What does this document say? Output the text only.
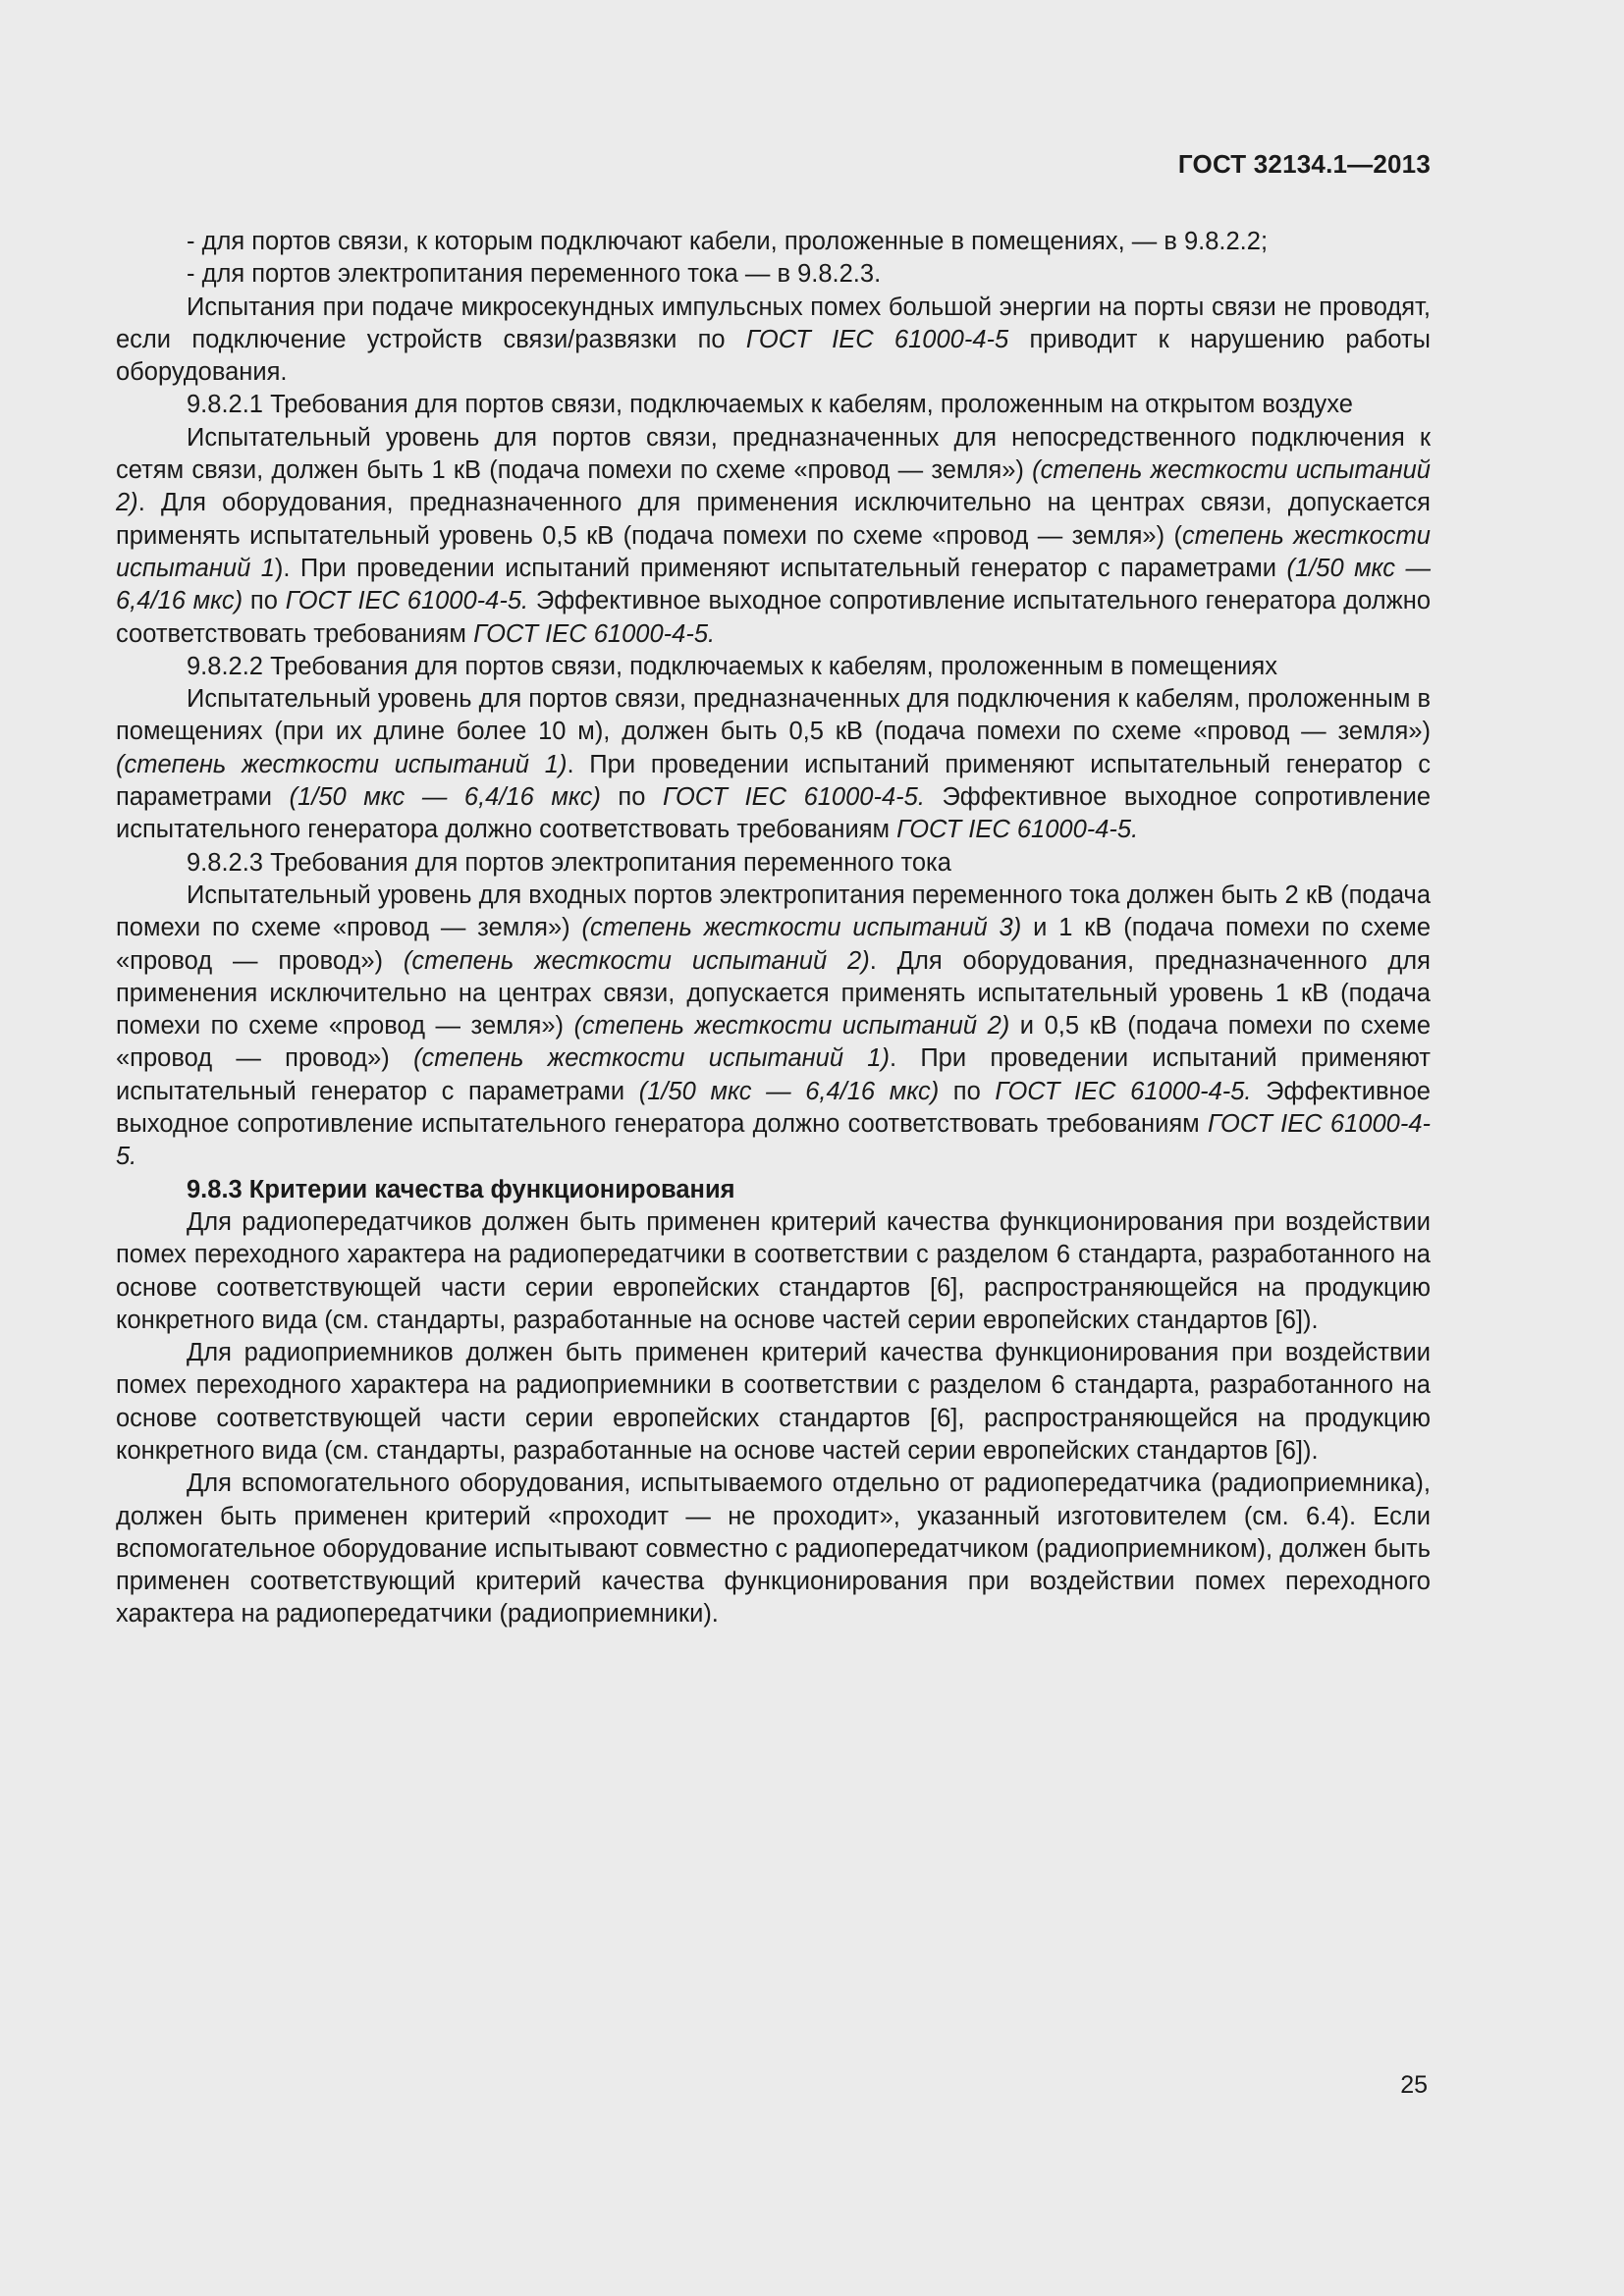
ГОСТ 32134.1—2013

- для портов связи, к которым подключают кабели, проложенные в помещениях, — в 9.8.2.2;

- для портов электропитания переменного тока — в 9.8.2.3.

Испытания при подаче микросекундных импульсных помех большой энергии на порты связи не проводят, если подключение устройств связи/развязки по ГОСТ IEC 61000-4-5 приводит к нарушению работы оборудования.

9.8.2.1 Требования для портов связи, подключаемых к кабелям, проложенным на открытом воздухе

Испытательный уровень для портов связи, предназначенных для непосредственного подключения к сетям связи, должен быть 1 кВ (подача помехи по схеме «провод — земля») (степень жесткости испытаний 2). Для оборудования, предназначенного для применения исключительно на центрах связи, допускается применять испытательный уровень 0,5 кВ (подача помехи по схеме «провод — земля») (степень жесткости испытаний 1). При проведении испытаний применяют испытательный генератор с параметрами (1/50 мкс — 6,4/16 мкс) по ГОСТ IEC 61000-4-5. Эффективное выходное сопротивление испытательного генератора должно соответствовать требованиям ГОСТ IEC 61000-4-5.

9.8.2.2 Требования для портов связи, подключаемых к кабелям, проложенным в помещениях

Испытательный уровень для портов связи, предназначенных для подключения к кабелям, проложенным в помещениях (при их длине более 10 м), должен быть 0,5 кВ (подача помехи по схеме «провод — земля») (степень жесткости испытаний 1). При проведении испытаний применяют испытательный генератор с параметрами (1/50 мкс — 6,4/16 мкс) по ГОСТ IEC 61000-4-5. Эффективное выходное сопротивление испытательного генератора должно соответствовать требованиям ГОСТ IEC 61000-4-5.

9.8.2.3 Требования для портов электропитания переменного тока

Испытательный уровень для входных портов электропитания переменного тока должен быть 2 кВ (подача помехи по схеме «провод — земля») (степень жесткости испытаний 3) и 1 кВ (подача помехи по схеме «провод — провод») (степень жесткости испытаний 2). Для оборудования, предназначенного для применения исключительно на центрах связи, допускается применять испытательный уровень 1 кВ (подача помехи по схеме «провод — земля») (степень жесткости испытаний 2) и 0,5 кВ (подача помехи по схеме «провод — провод») (степень жесткости испытаний 1). При проведении испытаний применяют испытательный генератор с параметрами (1/50 мкс — 6,4/16 мкс) по ГОСТ IEC 61000-4-5. Эффективное выходное сопротивление испытательного генератора должно соответствовать требованиям ГОСТ IEC 61000-4-5.

9.8.3 Критерии качества функционирования

Для радиопередатчиков должен быть применен критерий качества функционирования при воздействии помех переходного характера на радиопередатчики в соответствии с разделом 6 стандарта, разработанного на основе соответствующей части серии европейских стандартов [6], распространяющейся на продукцию конкретного вида (см. стандарты, разработанные на основе частей серии европейских стандартов [6]).

Для радиоприемников должен быть применен критерий качества функционирования при воздействии помех переходного характера на радиоприемники в соответствии с разделом 6 стандарта, разработанного на основе соответствующей части серии европейских стандартов [6], распространяющейся на продукцию конкретного вида (см. стандарты, разработанные на основе частей серии европейских стандартов [6]).

Для вспомогательного оборудования, испытываемого отдельно от радиопередатчика (радиоприемника), должен быть применен критерий «проходит — не проходит», указанный изготовителем (см. 6.4). Если вспомогательное оборудование испытывают совместно с радиопередатчиком (радиоприемником), должен быть применен соответствующий критерий качества функционирования при воздействии помех переходного характера на радиопередатчики (радиоприемники).

25
